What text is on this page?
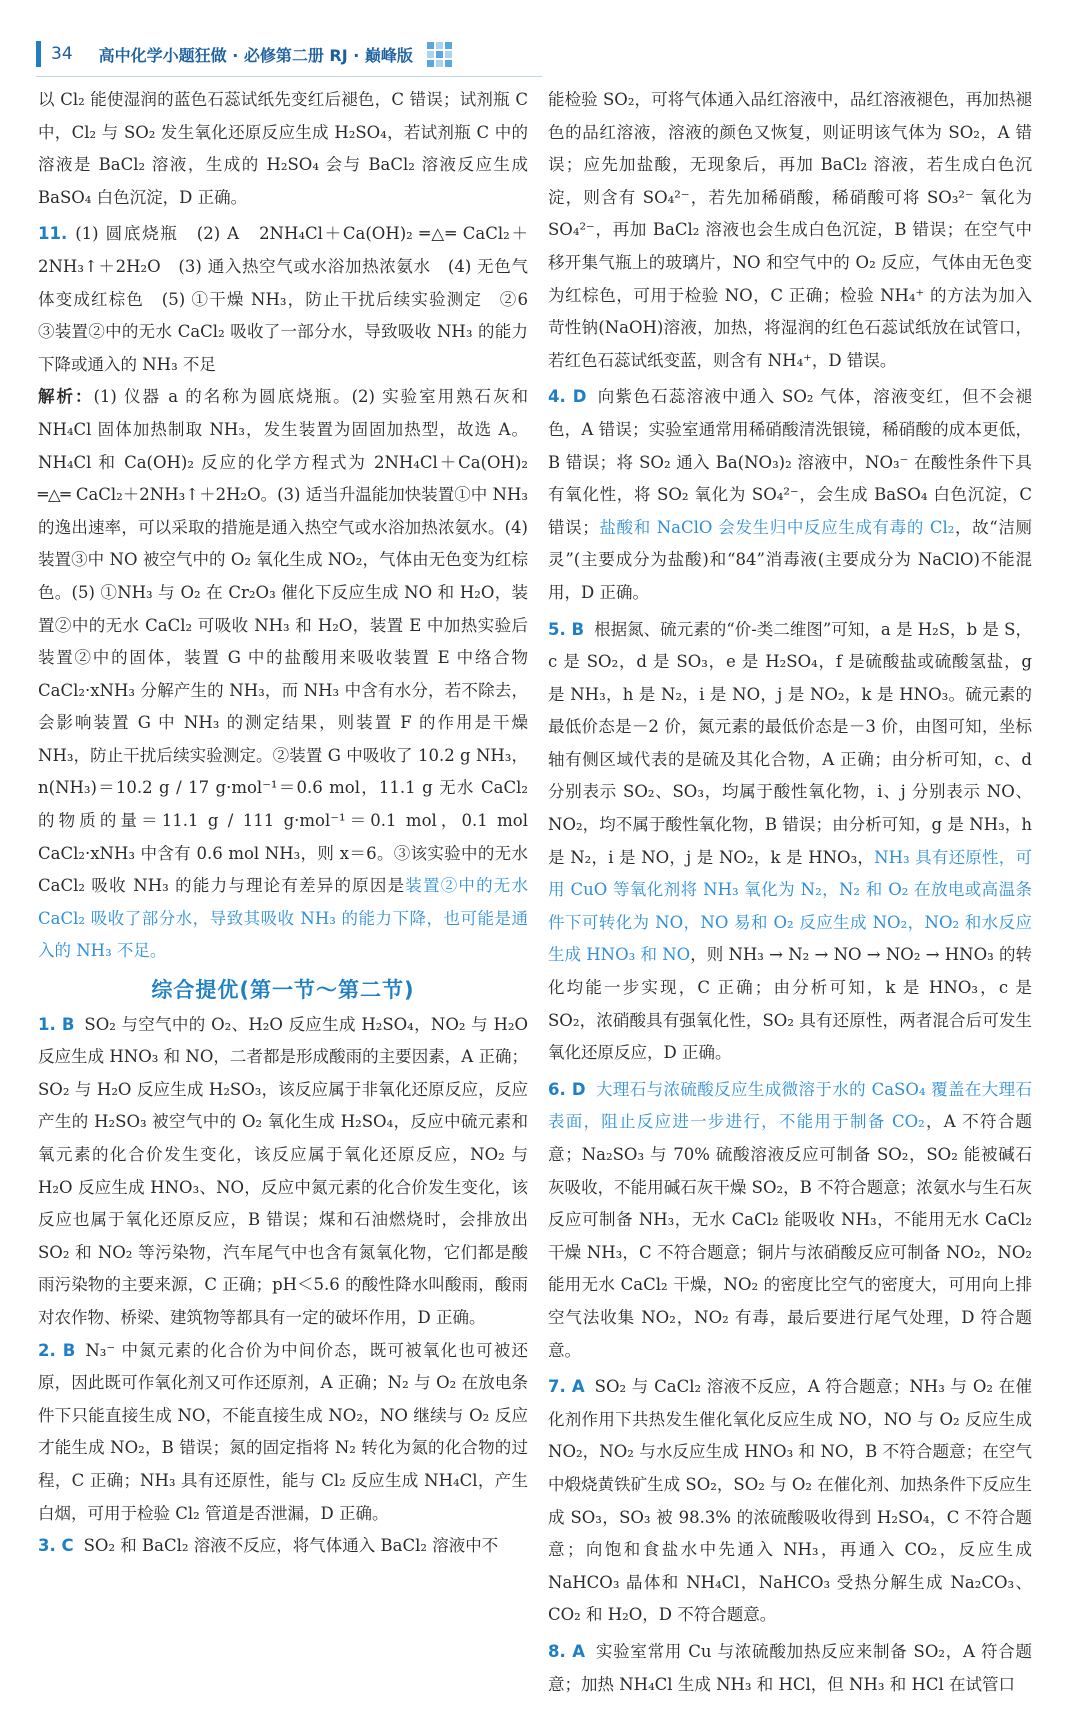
34 高中化学小题狂做 · 必修第二册 RJ · 巅峰版

以 Cl₂ 能使湿润的蓝色石蕊试纸先变红后褪色，C 错误；试剂瓶 C 中，Cl₂ 与 SO₂ 发生氧化还原反应生成 H₂SO₄，若试剂瓶 C 中的溶液是 BaCl₂ 溶液，生成的 H₂SO₄ 会与 BaCl₂ 溶液反应生成 BaSO₄ 白色沉淀，D 正确。

11. (1) 圆底烧瓶　(2) A　2NH₄Cl＋Ca(OH)₂ ═△═ CaCl₂＋2NH₃↑＋2H₂O　(3) 通入热空气或水浴加热浓氨水　(4) 无色气体变成红棕色　(5) ①干燥 NH₃，防止干扰后续实验测定　②6　③装置②中的无水 CaCl₂ 吸收了一部分水，导致吸收 NH₃ 的能力下降或通入的 NH₃ 不足

解析：(1) 仪器 a 的名称为圆底烧瓶。(2) 实验室用熟石灰和 NH₄Cl 固体加热制取 NH₃，发生装置为固固加热型，故选 A。NH₄Cl 和 Ca(OH)₂ 反应的化学方程式为 2NH₄Cl＋Ca(OH)₂ ═△═ CaCl₂＋2NH₃↑＋2H₂O。(3) 适当升温能加快装置①中 NH₃ 的逸出速率，可以采取的措施是通入热空气或水浴加热浓氨水。(4) 装置③中 NO 被空气中的 O₂ 氧化生成 NO₂，气体由无色变为红棕色。(5) ①NH₃ 与 O₂ 在 Cr₂O₃ 催化下反应生成 NO 和 H₂O，装置②中的无水 CaCl₂ 可吸收 NH₃ 和 H₂O，装置 E 中加热实验后装置②中的固体，装置 G 中的盐酸用来吸收装置 E 中络合物 CaCl₂·xNH₃ 分解产生的 NH₃，而 NH₃ 中含有水分，若不除去，会影响装置 G 中 NH₃ 的测定结果，则装置 F 的作用是干燥 NH₃，防止干扰后续实验测定。②装置 G 中吸收了 10.2 g NH₃，n(NH₃)＝10.2 g / 17 g·mol⁻¹＝0.6 mol，11.1 g 无水 CaCl₂ 的物质的量＝11.1 g / 111 g·mol⁻¹＝0.1 mol，0.1 mol CaCl₂·xNH₃ 中含有 0.6 mol NH₃，则 x＝6。③该实验中的无水 CaCl₂ 吸收 NH₃ 的能力与理论有差异的原因是装置②中的无水 CaCl₂ 吸收了部分水，导致其吸收 NH₃ 的能力下降，也可能是通入的 NH₃ 不足。

综合提优(第一节～第二节)

1. B SO₂ 与空气中的 O₂、H₂O 反应生成 H₂SO₄，NO₂ 与 H₂O 反应生成 HNO₃ 和 NO，二者都是形成酸雨的主要因素，A 正确；SO₂ 与 H₂O 反应生成 H₂SO₃，该反应属于非氧化还原反应，反应产生的 H₂SO₃ 被空气中的 O₂ 氧化生成 H₂SO₄，反应中硫元素和氧元素的化合价发生变化，该反应属于氧化还原反应，NO₂ 与 H₂O 反应生成 HNO₃、NO，反应中氮元素的化合价发生变化，该反应也属于氧化还原反应，B 错误；煤和石油燃烧时，会排放出 SO₂ 和 NO₂ 等污染物，汽车尾气中也含有氮氧化物，它们都是酸雨污染物的主要来源，C 正确；pH＜5.6 的酸性降水叫酸雨，酸雨对农作物、桥梁、建筑物等都具有一定的破坏作用，D 正确。

2. B N₃⁻ 中氮元素的化合价为中间价态，既可被氧化也可被还原，因此既可作氧化剂又可作还原剂，A 正确；N₂ 与 O₂ 在放电条件下只能直接生成 NO，不能直接生成 NO₂，NO 继续与 O₂ 反应才能生成 NO₂，B 错误；氮的固定指将 N₂ 转化为氮的化合物的过程，C 正确；NH₃ 具有还原性，能与 Cl₂ 反应生成 NH₄Cl，产生白烟，可用于检验 Cl₂ 管道是否泄漏，D 正确。

3. C SO₂ 和 BaCl₂ 溶液不反应，将气体通入 BaCl₂ 溶液中不

能检验 SO₂，可将气体通入品红溶液中，品红溶液褪色，再加热褪色的品红溶液，溶液的颜色又恢复，则证明该气体为 SO₂，A 错误；应先加盐酸，无现象后，再加 BaCl₂ 溶液，若生成白色沉淀，则含有 SO₄²⁻，若先加稀硝酸，稀硝酸可将 SO₃²⁻ 氧化为 SO₄²⁻，再加 BaCl₂ 溶液也会生成白色沉淀，B 错误；在空气中移开集气瓶上的玻璃片，NO 和空气中的 O₂ 反应，气体由无色变为红棕色，可用于检验 NO，C 正确；检验 NH₄⁺ 的方法为加入苛性钠(NaOH)溶液，加热，将湿润的红色石蕊试纸放在试管口，若红色石蕊试纸变蓝，则含有 NH₄⁺，D 错误。

4. D 向紫色石蕊溶液中通入 SO₂ 气体，溶液变红，但不会褪色，A 错误；实验室通常用稀硝酸清洗银镜，稀硝酸的成本更低，B 错误；将 SO₂ 通入 Ba(NO₃)₂ 溶液中，NO₃⁻ 在酸性条件下具有氧化性，将 SO₂ 氧化为 SO₄²⁻，会生成 BaSO₄ 白色沉淀，C 错误；盐酸和 NaClO 会发生归中反应生成有毒的 Cl₂，故“洁厕灵”(主要成分为盐酸)和“84”消毒液(主要成分为 NaClO)不能混用，D 正确。

5. B 根据氮、硫元素的“价-类二维图”可知，a 是 H₂S，b 是 S，c 是 SO₂，d 是 SO₃，e 是 H₂SO₄，f 是硫酸盐或硫酸氢盐，g 是 NH₃，h 是 N₂，i 是 NO，j 是 NO₂，k 是 HNO₃。硫元素的最低价态是－2 价，氮元素的最低价态是－3 价，由图可知，坐标轴有侧区域代表的是硫及其化合物，A 正确；由分析可知，c、d 分别表示 SO₂、SO₃，均属于酸性氧化物，i、j 分别表示 NO、NO₂，均不属于酸性氧化物，B 错误；由分析可知，g 是 NH₃，h 是 N₂，i 是 NO，j 是 NO₂，k 是 HNO₃，NH₃ 具有还原性，可用 CuO 等氧化剂将 NH₃ 氧化为 N₂，N₂ 和 O₂ 在放电或高温条件下可转化为 NO，NO 易和 O₂ 反应生成 NO₂，NO₂ 和水反应生成 HNO₃ 和 NO，则 NH₃ → N₂ → NO → NO₂ → HNO₃ 的转化均能一步实现，C 正确；由分析可知，k 是 HNO₃，c 是 SO₂，浓硝酸具有强氧化性，SO₂ 具有还原性，两者混合后可发生氧化还原反应，D 正确。

6. D 大理石与浓硫酸反应生成微溶于水的 CaSO₄ 覆盖在大理石表面，阻止反应进一步进行，不能用于制备 CO₂，A 不符合题意；Na₂SO₃ 与 70% 硫酸溶液反应可制备 SO₂，SO₂ 能被碱石灰吸收，不能用碱石灰干燥 SO₂，B 不符合题意；浓氨水与生石灰反应可制备 NH₃，无水 CaCl₂ 能吸收 NH₃，不能用无水 CaCl₂ 干燥 NH₃，C 不符合题意；铜片与浓硝酸反应可制备 NO₂，NO₂ 能用无水 CaCl₂ 干燥，NO₂ 的密度比空气的密度大，可用向上排空气法收集 NO₂，NO₂ 有毒，最后要进行尾气处理，D 符合题意。

7. A SO₂ 与 CaCl₂ 溶液不反应，A 符合题意；NH₃ 与 O₂ 在催化剂作用下共热发生催化氧化反应生成 NO，NO 与 O₂ 反应生成 NO₂，NO₂ 与水反应生成 HNO₃ 和 NO，B 不符合题意；在空气中煅烧黄铁矿生成 SO₂，SO₂ 与 O₂ 在催化剂、加热条件下反应生成 SO₃，SO₃ 被 98.3% 的浓硫酸吸收得到 H₂SO₄，C 不符合题意；向饱和食盐水中先通入 NH₃，再通入 CO₂，反应生成 NaHCO₃ 晶体和 NH₄Cl，NaHCO₃ 受热分解生成 Na₂CO₃、CO₂ 和 H₂O，D 不符合题意。

8. A 实验室常用 Cu 与浓硫酸加热反应来制备 SO₂，A 符合题意；加热 NH₄Cl 生成 NH₃ 和 HCl，但 NH₃ 和 HCl 在试管口
